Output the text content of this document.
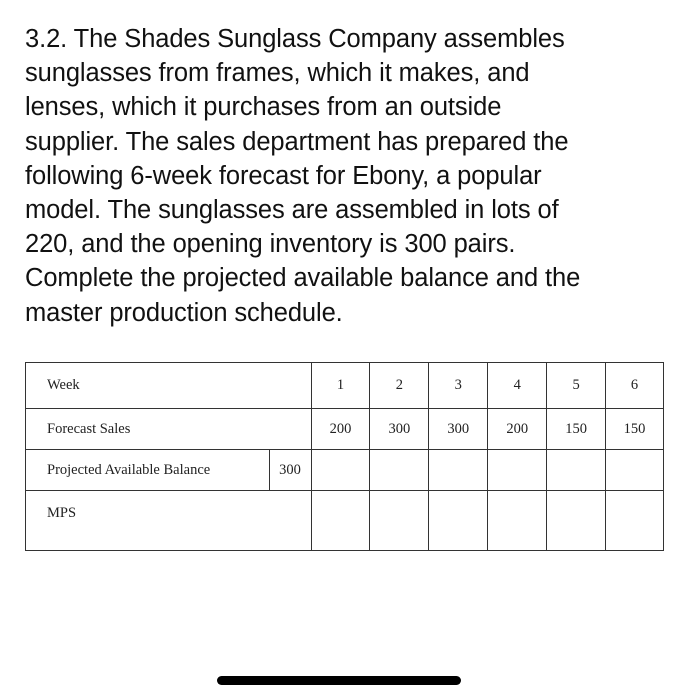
3.2. The Shades Sunglass Company assembles
sunglasses from frames, which it makes, and
lenses, which it purchases from an outside
supplier. The sales department has prepared the
following 6-week forecast for Ebony, a popular
model. The sunglasses are assembled in lots of
220, and the opening inventory is 300 pairs.
Complete the projected available balance and the
master production schedule.
Week		1	2	3	4	5	6
Forecast Sales		200	300	300	200	150	150
Projected Available Balance	300						
MPS							
